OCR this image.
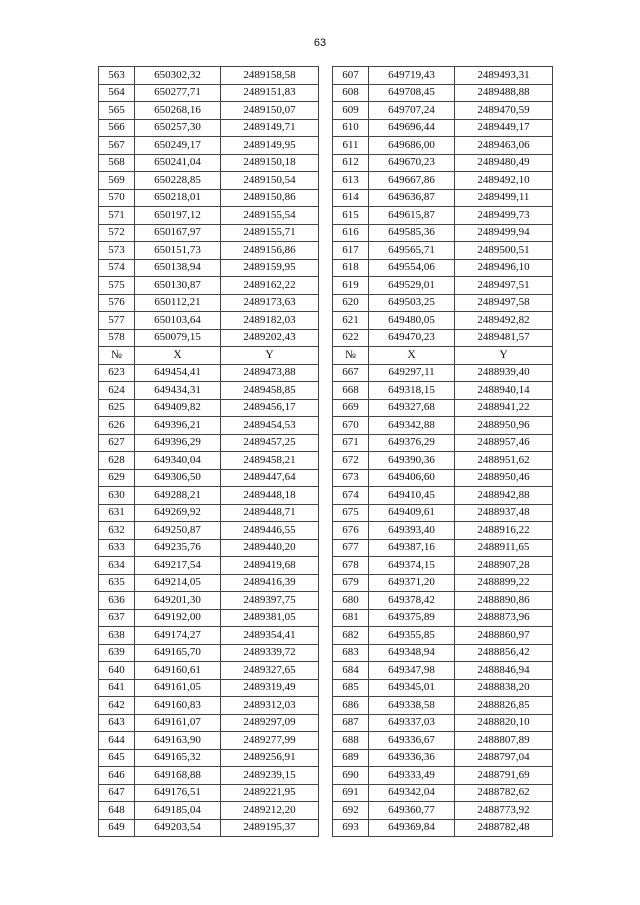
63
563	650302,32	2489158,58		607	649719,43	2489493,31
564	650277,71	2489151,83		608	649708,45	2489488,88
565	650268,16	2489150,07		609	649707,24	2489470,59
566	650257,30	2489149,71		610	649696,44	2489449,17
567	650249,17	2489149,95		611	649686,00	2489463,06
568	650241,04	2489150,18		612	649670,23	2489480,49
569	650228,85	2489150,54		613	649667,86	2489492,10
570	650218,01	2489150,86		614	649636,87	2489499,11
571	650197,12	2489155,54		615	649615,87	2489499,73
572	650167,97	2489155,71		616	649585,36	2489499,94
573	650151,73	2489156,86		617	649565,71	2489500,51
574	650138,94	2489159,95		618	649554,06	2489496,10
575	650130,87	2489162,22		619	649529,01	2489497,51
576	650112,21	2489173,63		620	649503,25	2489497,58
577	650103,64	2489182,03		621	649480,05	2489492,82
578	650079,15	2489202,43		622	649470,23	2489481,57
№	X	Y		№	X	Y
623	649454,41	2489473,88		667	649297,11	2488939,40
624	649434,31	2489458,85		668	649318,15	2488940,14
625	649409,82	2489456,17		669	649327,68	2488941,22
626	649396,21	2489454,53		670	649342,88	2488950,96
627	649396,29	2489457,25		671	649376,29	2488957,46
628	649340,04	2489458,21		672	649390,36	2488951,62
629	649306,50	2489447,64		673	649406,60	2488950,46
630	649288,21	2489448,18		674	649410,45	2488942,88
631	649269,92	2489448,71		675	649409,61	2488937,48
632	649250,87	2489446,55		676	649393,40	2488916,22
633	649235,76	2489440,20		677	649387,16	2488911,65
634	649217,54	2489419,68		678	649374,15	2488907,28
635	649214,05	2489416,39		679	649371,20	2488899,22
636	649201,30	2489397,75		680	649378,42	2488890,86
637	649192,00	2489381,05		681	649375,89	2488873,96
638	649174,27	2489354,41		682	649355,85	2488860,97
639	649165,70	2489339,72		683	649348,94	2488856,42
640	649160,61	2489327,65		684	649347,98	2488846,94
641	649161,05	2489319,49		685	649345,01	2488838,20
642	649160,83	2489312,03		686	649338,58	2488826,85
643	649161,07	2489297,09		687	649337,03	2488820,10
644	649163,90	2489277,99		688	649336,67	2488807,89
645	649165,32	2489256,91		689	649336,36	2488797,04
646	649168,88	2489239,15		690	649333,49	2488791,69
647	649176,51	2489221,95		691	649342,04	2488782,62
648	649185,04	2489212,20		692	649360,77	2488773,92
649	649203,54	2489195,37		693	649369,84	2488782,48
